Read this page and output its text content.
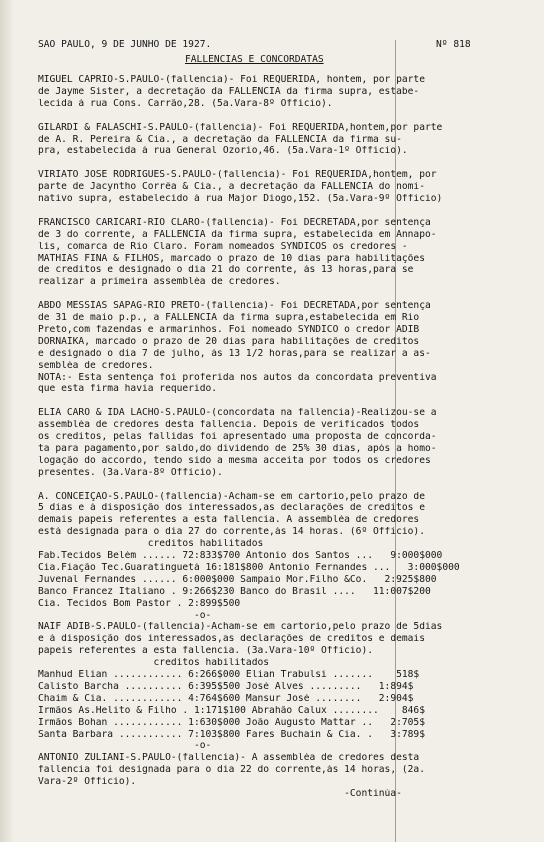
SÃO PAULO, 9 DE JUNHO DE 1927.	Nº 818
FALLENCIAS E CONCORDATAS
MIGUEL CAPRIO-S.PAULO-(fallencia)- Foi REQUERIDA, hontem, por parte
de Jayme Sister, a decretação da FALLENCIA da firma supra, estabe-
lecida á rua Cons. Carrão,28. (5a.Vara-8º Officio).
GILARDI & FALASCHI-S.PAULO-(fallencia)- Foi REQUERIDA,hontem,por parte
de A. R. Pereira & Cia., a decretação da FALLENCIA da firma su-
pra, estabelecida á rua General Ozorio,46. (5a.Vara-1º Officio).
VIRIATO JOSÉ RODRIGUES-S.PAULO-(fallencia)- Foi REQUERIDA,hontem, por
parte de Jacyntho Corrêa & Cia., a decretação da FALLENCIA do nomi-
nativo supra, estabelecido á rua Major Diogo,152. (5a.Vara-9º Officio)
FRANCISCO CARICARI-RIO CLARO-(fallencia)- Foi DECRETADA,por sentença
de 3 do corrente, a FALLENCIA da firma supra, estabelecida em Annapo-
lis, comarca de Rio Claro. Foram nomeados SYNDICOS os credores -
MATHIAS FINA & FILHOS, marcado o prazo de 10 dias para habilitações
de creditos e designado o dia 21 do corrente, ás 13 horas,para se
realizar a primeira assembléa de credores.
ABDO MESSIAS SAPAG-RIO PRETO-(fallencia)- Foi DECRETADA,por sentença
de 31 de maio p.p., a FALLENCIA da firma supra,estabelecida em Rio
Preto,com fazendas e armarinhos. Foi nomeado SYNDICO o credor ADIB
DORNAIKA, marcado o prazo de 20 dias para habilitações de creditos
e designado o dia 7 de julho, ás 13 1/2 horas,para se realizar a as-
sembléa de credores.
NOTA:- Esta sentença foi proferida nos autos da concordata preventiva
que esta firma havia requerido.
ELIA CARO & IDA LACHO-S.PAULO-(concordata na fallencia)-Realizou-se a
assembléa de credores desta fallencia. Depois de verificados todos
os creditos, pelas fallidas foi apresentado uma proposta de concorda-
ta para pagamento,por saldo,do dividendo de 25% 30 dias, após a homo-
logação do accordo, tendo sido a mesma acceita por todos os credores
presentes. (3a.Vara-8º Officio).
A. CONCEIÇÃO-S.PAULO-(fallencia)-Acham-se em cartorio,pelo prazo de
5 dias e á disposição dos interessados,as declarações de creditos e
demais papeis referentes a esta fallencia. A assembléa de credores
está designada para o dia 27 do corrente,ás 14 horas. (6º Officio).
creditos habilitados
Fab.Tecidos Belém ...... 72:833$700 Antonio dos Santos ...   9:000$000
Cia.Fiação Tec.Guaratinguetá 16:181$800 Antonio Fernandes ...   3:000$000
Juvenal Fernandes ...... 6:000$000 Sampaio Mor.Filho &Co.   2:925$800
Banco Francez Italiano . 9:266$230 Banco do Brasil ....   11:007$200
Cia. Tecidos Bom Pastor . 2:899$500
-o-
NAIF ADIB-S.PAULO-(fallencia)-Acham-se em cartorio,pelo prazo de 5dias
e á disposição dos interessados,as declarações de creditos e demais
papeis referentes a esta fallencia. (3a.Vara-10º Officio).
creditos habilitados
Manhud Elian ............ 6:266$000 Elian Trabulsi .......    518$
Calisto Barcha .......... 6:395$500 José Alves .........   1:894$
Chaim & Cia. ............ 4:764$600 Mansur José ........   2:904$
Irmãos As.Helito & Filho . 1:171$100 Abrahão Calux ........    846$
Irmãos Bohan ............ 1:630$000 João Augusto Mattar ..   2:705$
Santa Barbara ........... 7:103$800 Fares Buchain & Cia. .   3:789$
-o-
ANTONIO ZULIANI-S.PAULO-(fallencia)- A assembléa de credores desta
fallencia foi designada para o dia 22 do corrente,ás 14 horas, (2a.
Vara-2º Officio).
-Continúa-
